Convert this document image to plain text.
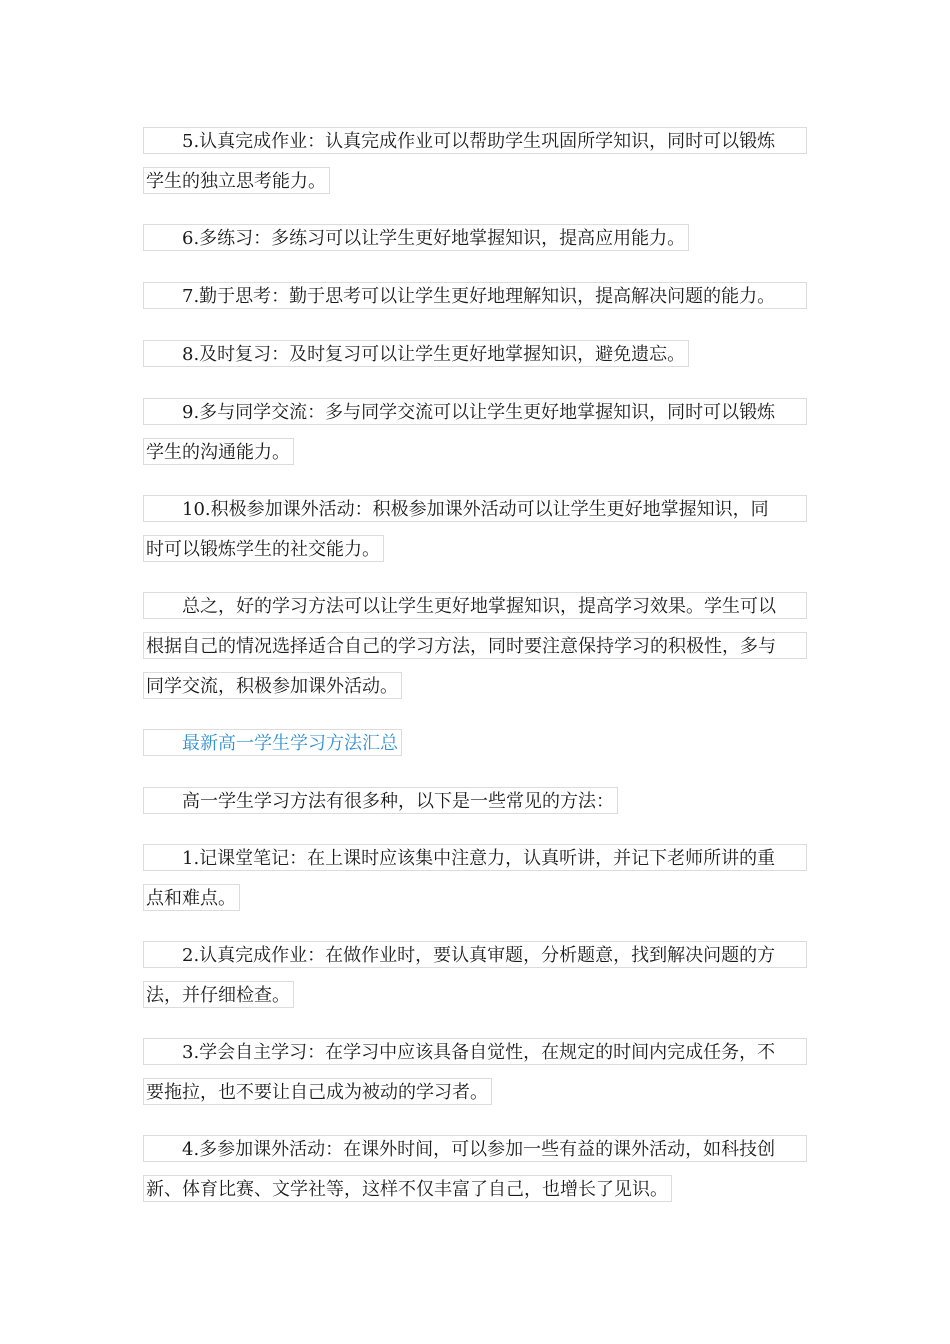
5.认真完成作业：认真完成作业可以帮助学生巩固所学知识，同时可以锻炼
学生的独立思考能力。
6.多练习：多练习可以让学生更好地掌握知识，提高应用能力。
7.勤于思考：勤于思考可以让学生更好地理解知识，提高解决问题的能力。
8.及时复习：及时复习可以让学生更好地掌握知识，避免遗忘。
9.多与同学交流：多与同学交流可以让学生更好地掌握知识，同时可以锻炼
学生的沟通能力。
10.积极参加课外活动：积极参加课外活动可以让学生更好地掌握知识，同
时可以锻炼学生的社交能力。
总之，好的学习方法可以让学生更好地掌握知识，提高学习效果。学生可以
根据自己的情况选择适合自己的学习方法，同时要注意保持学习的积极性，多与
同学交流，积极参加课外活动。
最新高一学生学习方法汇总
高一学生学习方法有很多种，以下是一些常见的方法：
1.记课堂笔记：在上课时应该集中注意力，认真听讲，并记下老师所讲的重
点和难点。
2.认真完成作业：在做作业时，要认真审题，分析题意，找到解决问题的方
法，并仔细检查。
3.学会自主学习：在学习中应该具备自觉性，在规定的时间内完成任务，不
要拖拉，也不要让自己成为被动的学习者。
4.多参加课外活动：在课外时间，可以参加一些有益的课外活动，如科技创
新、体育比赛、文学社等，这样不仅丰富了自己，也增长了见识。
